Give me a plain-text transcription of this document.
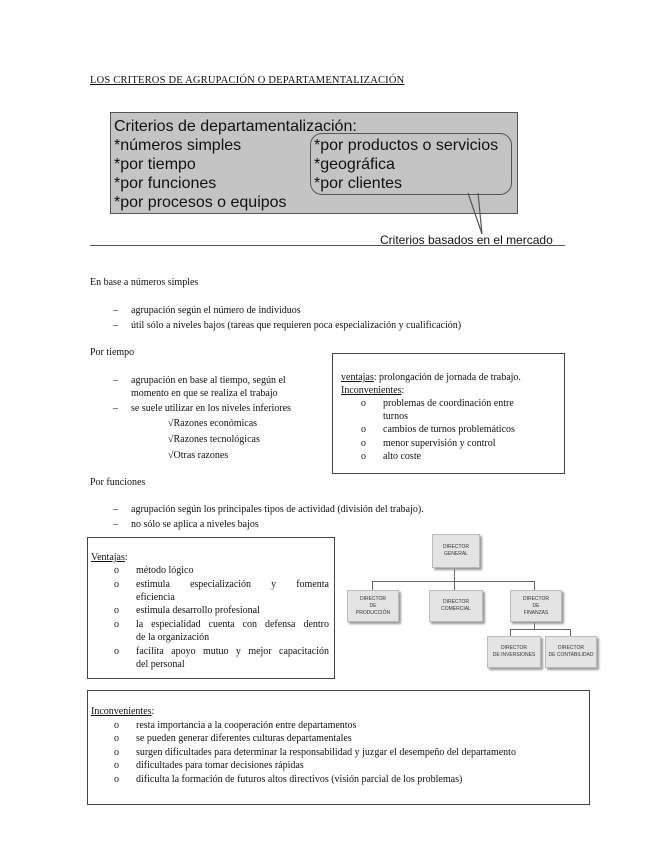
LOS CRITEROS DE AGRUPACIÓN O DEPARTAMENTALIZACIÓN
Criterios de departamentalización:
*números simples
*por tiempo
*por funciones
*por procesos o equipos
*por productos o servicios
*geográfica
*por clientes
Criterios basados en el mercado
En base a números simples
– agrupación según el número de individuos
– útil sólo a niveles bajos (tareas que requieren poca especialización y cualificación)
Por tiempo
– agrupación en base al tiempo, según el
momento en que se realiza el trabajo
– se suele utilizar en los niveles inferiores
√Razones económicas
√Razones tecnológicas
√Otras razones
ventajas: prolongación de jornada de trabajo.
Inconvenientes:
o problemas de coordinación entre
turnos
o cambios de turnos problemáticos
o menor supervisión y control
o alto coste
Por funciones
– agrupación según los principales tipos de actividad (división del trabajo).
– no sólo se aplica a niveles bajos
Ventajas:
o método lógico
o estimula especialización y fomenta
eficiencia
o estimula desarrollo profesional
o la especialidad cuenta con defensa dentro
de la organización
o facilita apoyo mutuo y mejor capacitación
del personal
DIRECTOR
GENERAL
DIRECTOR
DE
PRODUCCIÓN
DIRECTOR
COMERCIAL
DIRECTOR
DE
FINANZAS
DIRECTOR
DE INVERSIONES
DIRECTOR
DE CONTABILIDAD
Inconvenientes:
o resta importancia a la cooperación entre departamentos
o se pueden generar diferentes culturas departamentales
o surgen dificultades para determinar la responsabilidad y juzgar el desempeño del departamento
o dificultades para tomar decisiones rápidas
o dificulta la formación de futuros altos directivos (visión parcial de los problemas)
